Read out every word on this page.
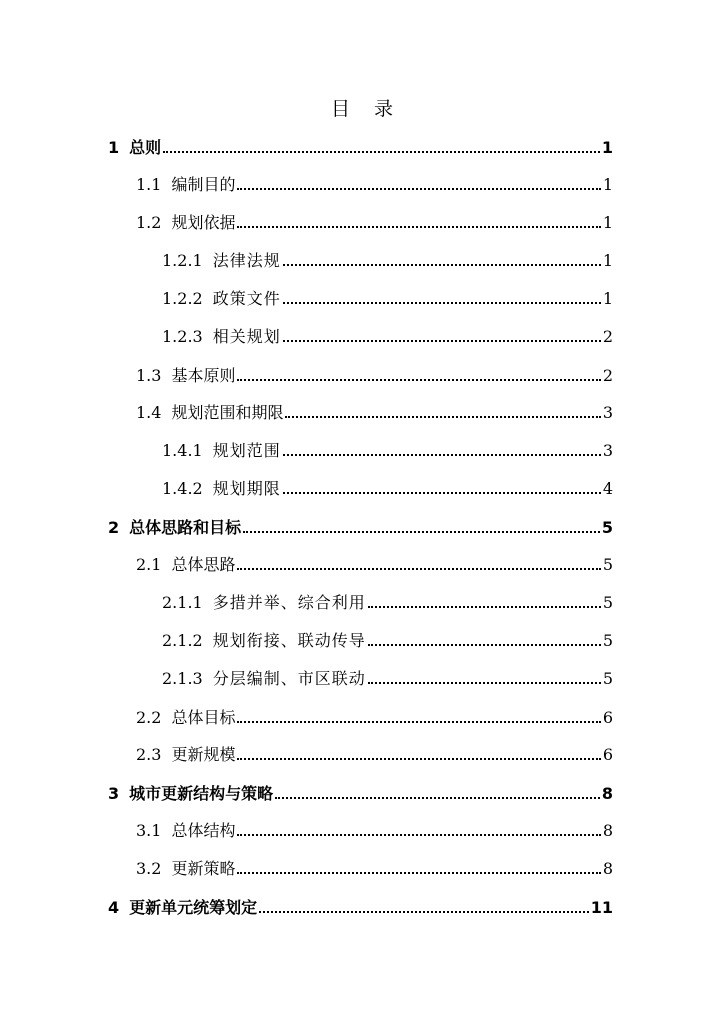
目 录
1 总则	1
1.1 编制目的	1
1.2 规划依据	1
1.2.1 法律法规	1
1.2.2 政策文件	1
1.2.3 相关规划	2
1.3 基本原则	2
1.4 规划范围和期限	3
1.4.1 规划范围	3
1.4.2 规划期限	4
2 总体思路和目标	5
2.1 总体思路	5
2.1.1 多措并举、综合利用	5
2.1.2 规划衔接、联动传导	5
2.1.3 分层编制、市区联动	5
2.2 总体目标	6
2.3 更新规模	6
3 城市更新结构与策略	8
3.1 总体结构	8
3.2 更新策略	8
4 更新单元统筹划定	11
